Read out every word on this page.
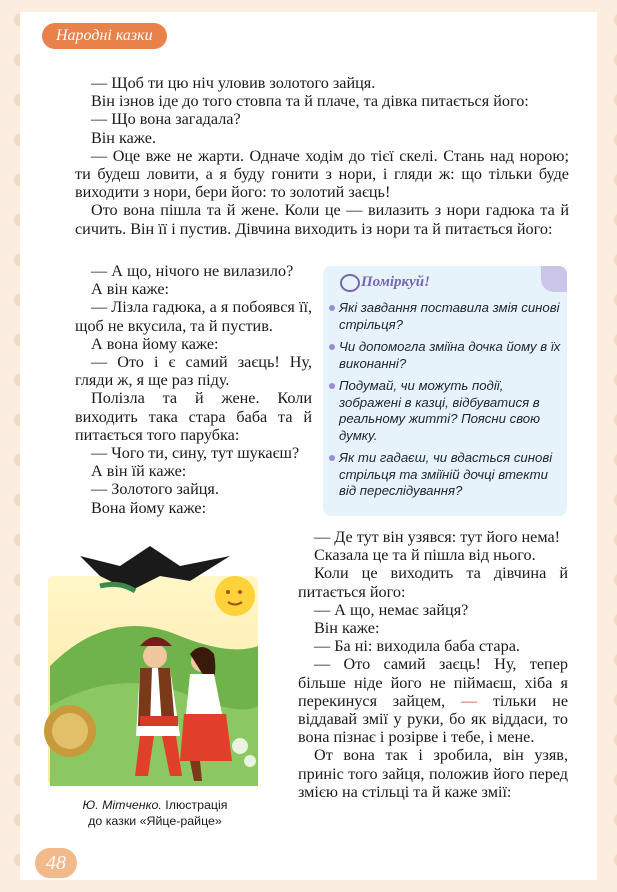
Народні казки

— Щоб ти цю ніч уловив золотого зайця.

Він ізнов іде до того стовпа та й плаче, та дівка питається його:

— Що вона загадала?

Він каже.

— Оце вже не жарти. Одначе ходім до тієї скелі. Стань над норою; ти будеш ловити, а я буду гонити з нори, і гляди ж: що тільки буде виходити з нори, бери його: то золотий заєць!

Ото вона пішла та й жене. Коли це — вилазить з нори гадюка та й сичить. Він її і пустив. Дівчина виходить із нори та й питається його:

— А що, нічого не вилазило?

А він каже:

— Лізла гадюка, а я побоявся її, щоб не вкусила, та й пустив.

А вона йому каже:

— Ото і є самий заєць! Ну, гляди ж, я ще раз піду.

Полізла та й жене. Коли виходить така стара баба та й питається того парубка:

— Чого ти, сину, тут шукаєш?

А він їй каже:

— Золотого зайця.

Вона йому каже:

Поміркуй!
Які завдання поставила змія синові стрільця?
Чи допомогла зміїна дочка йому в їх виконанні?
Подумай, чи можуть події, зображені в казці, відбуватися в реальному житті? Поясни свою думку.
Як ти гадаєш, чи вдасться синові стрільця та зміїній дочці втекти від переслідування?
Ю. Мітченко. Ілюстрація
до казки «Яйце-райце»

— Де тут він узявся: тут його нема!

Сказала це та й пішла від нього.

Коли це виходить та дівчина й питається його:

— А що, немає зайця?

Він каже:

— Ба ні: виходила баба стара.

— Ото самий заєць! Ну, тепер більше ніде його не піймаєш, хіба я перекинуся зайцем, — тільки не віддавай змії у руки, бо як віддаси, то вона пізнає і розірве і тебе, і мене.

От вона так і зробила, він узяв, приніс того зайця, положив його перед змією на стільці та й каже змії:

48
